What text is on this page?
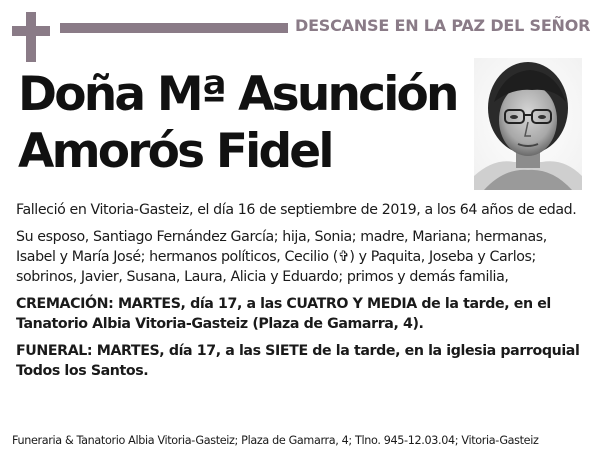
DESCANSE EN LA PAZ DEL SEÑOR
Doña Mª Asunción
Amorós Fidel

Falleció en Vitoria-Gasteiz, el día 16 de septiembre de 2019, a los 64 años de edad.

Su esposo, Santiago Fernández García; hija, Sonia; madre, Mariana; hermanas, Isabel y María José; hermanos políticos, Cecilio (✞) y Paquita, Joseba y Carlos; sobrinos, Javier, Susana, Laura, Alicia y Eduardo; primos y demás familia,

CREMACIÓN: MARTES, día 17, a las CUATRO Y MEDIA de la tarde, en el Tanatorio Albia Vitoria-Gasteiz (Plaza de Gamarra, 4).

FUNERAL: MARTES, día 17, a las SIETE de la tarde, en la iglesia parroquial Todos los Santos.

Funeraria & Tanatorio Albia Vitoria-Gasteiz; Plaza de Gamarra, 4; Tlno. 945-12.03.04; Vitoria-Gasteiz
